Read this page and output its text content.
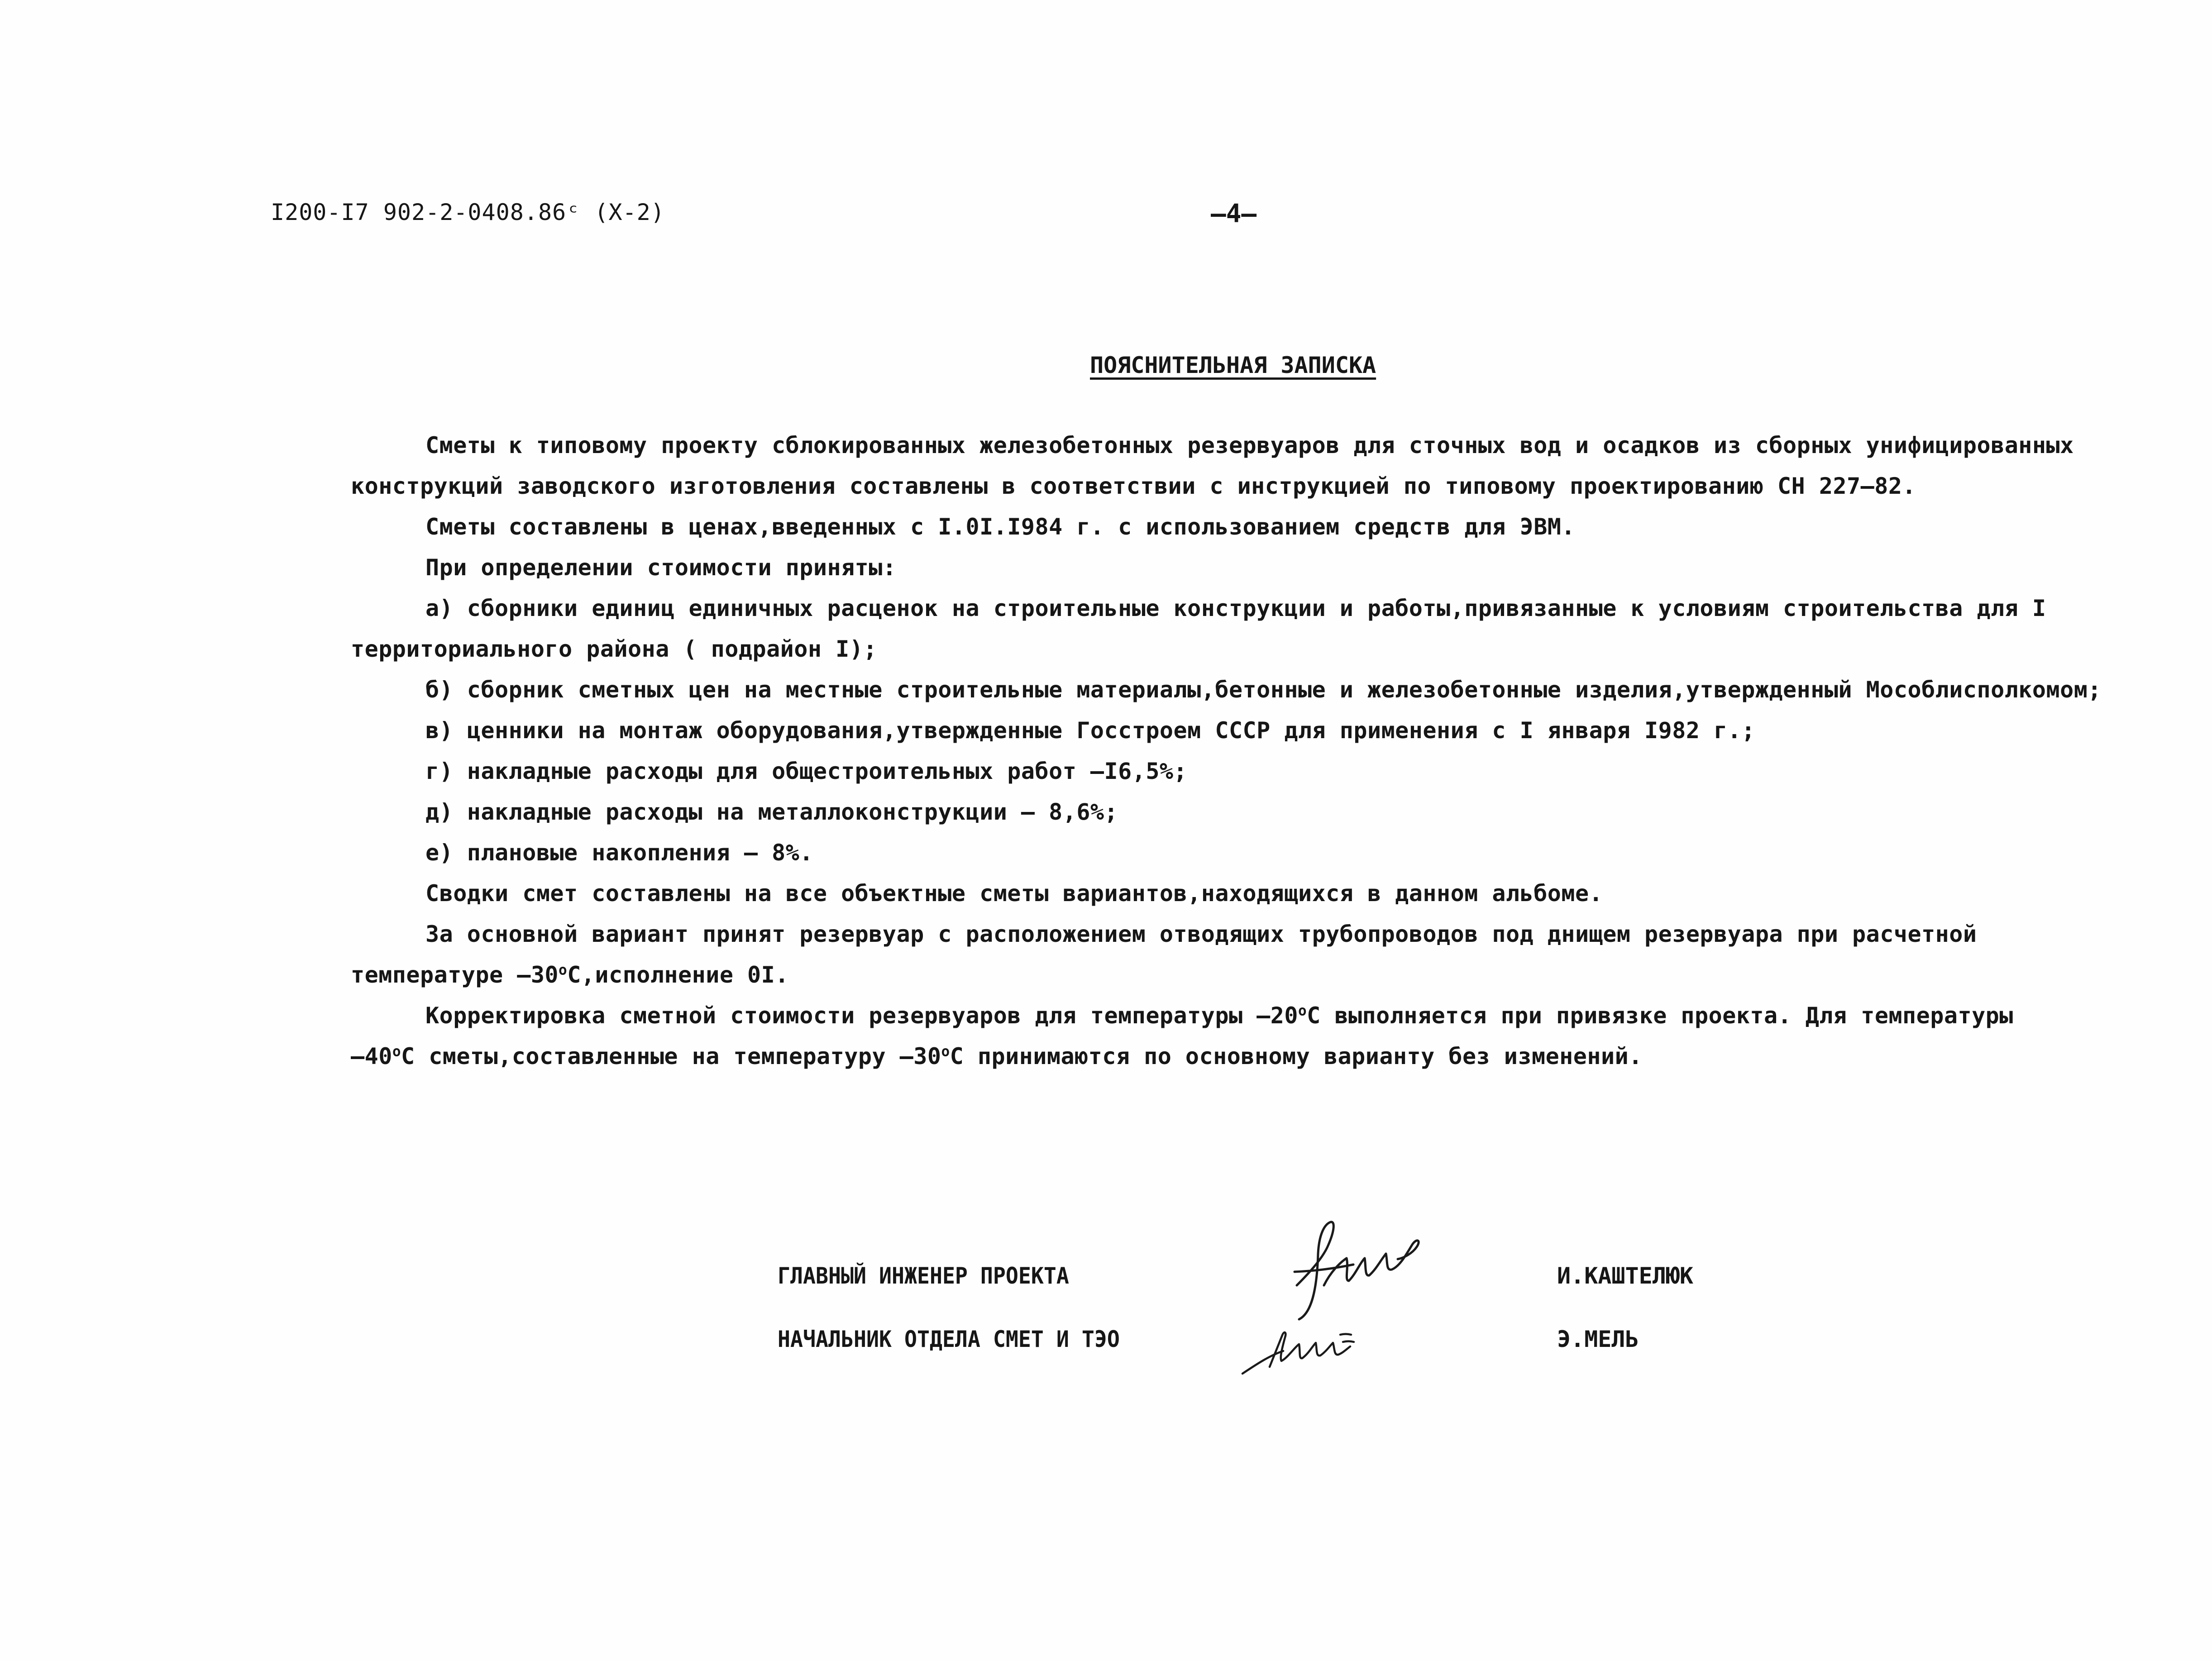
I200-I7 902-2-0408.86ᶜ (X-2)	–4–
ПОЯСНИТЕЛЬНАЯ ЗАПИСКА
Сметы к типовому проекту сблокированных железобетонных резервуаров для сточных вод и осадков из сборных унифицированных
конструкций заводского изготовления составлены в соответствии с инструкцией по типовому проектированию СН 227–82.
Сметы составлены в ценах,введенных с I.0I.I984 г. с использованием средств для ЭВМ.
При определении стоимости приняты:
а) сборники единиц единичных расценок на строительные конструкции и работы,привязанные к условиям строительства для I
территориального района ( подрайон I);
б) сборник сметных цен на местные строительные материалы,бетонные и железобетонные изделия,утвержденный Мособлисполкомом;
в) ценники на монтаж оборудования,утвержденные Госстроем СССР для применения с I января I982 г.;
г) накладные расходы для общестроительных работ –I6,5%;
д) накладные расходы на металлоконструкции – 8,6%;
е) плановые накопления – 8%.
Сводки смет составлены на все объектные сметы вариантов,находящихся в данном альбоме.
За основной вариант принят резервуар с расположением отводящих трубопроводов под днищем резервуара при расчетной
температуре $-30^оС,исполнение$ 0I.
Корректировка сметной стоимости резервуаров для температуры $-20^оС$ выполняется при привязке проекта. Для температуры
$-40^оС$ сметы,составленные на температуру $-30^оС$ принимаются по основному варианту без изменений.
ГЛАВНЫЙ ИНЖЕНЕР ПРОЕКТА	И.КАШТЕЛЮК
НАЧАЛЬНИК ОТДЕЛА СМЕТ И ТЭО	Э.МЕЛЬ
